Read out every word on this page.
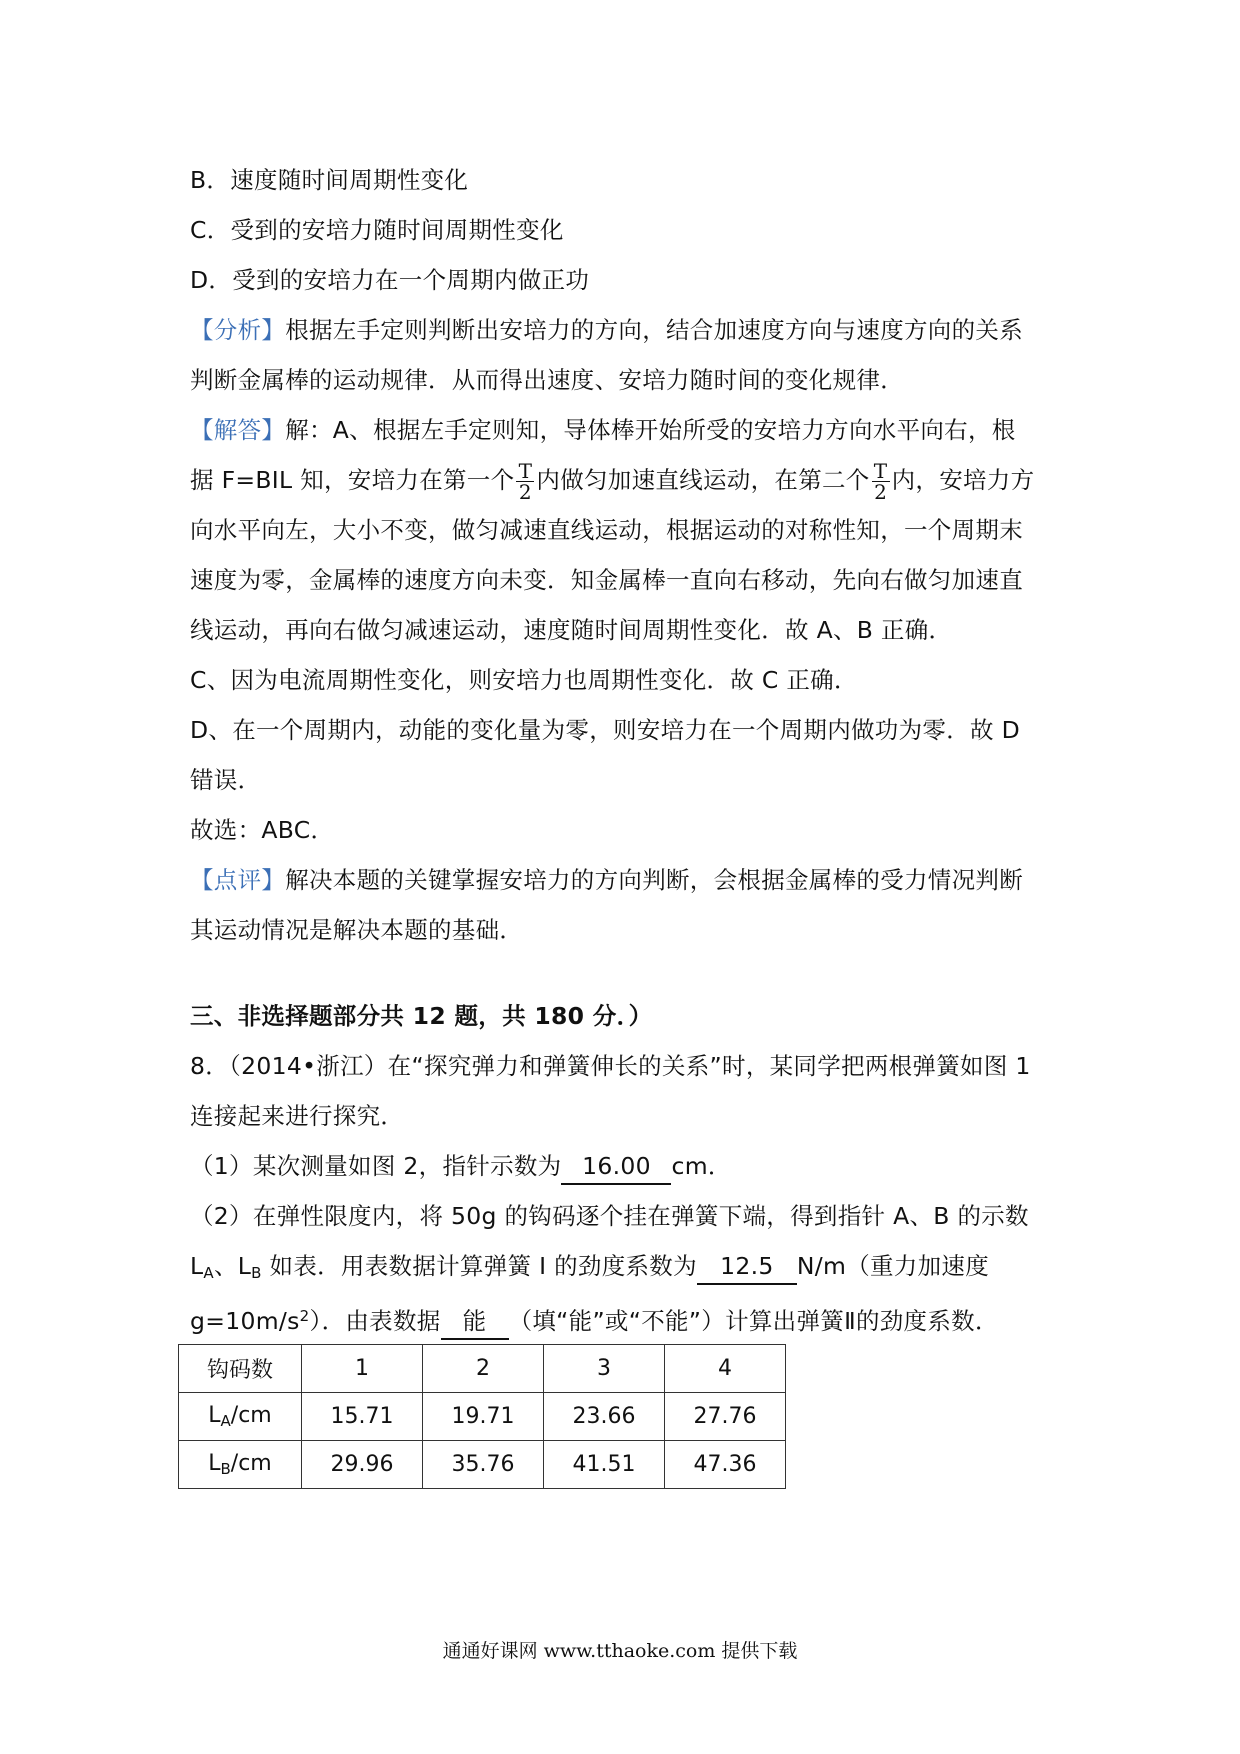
B．速度随时间周期性变化
C．受到的安培力随时间周期性变化
D．受到的安培力在一个周期内做正功
【分析】根据左手定则判断出安培力的方向，结合加速度方向与速度方向的关系
判断金属棒的运动规律．从而得出速度、安培力随时间的变化规律．
【解答】解：A、根据左手定则知，导体棒开始所受的安培力方向水平向右，根
据 F=BIL 知，安培力在第一个 $\frac{T}{2}$ 内做匀加速直线运动，在第二个 $\frac{T}{2}$ 内，安培力方
向水平向左，大小不变，做匀减速直线运动，根据运动的对称性知，一个周期末
速度为零，金属棒的速度方向未变．知金属棒一直向右移动，先向右做匀加速直
线运动，再向右做匀减速运动，速度随时间周期性变化．故 A、B 正确．
C、因为电流周期性变化，则安培力也周期性变化．故 C 正确．
D、在一个周期内，动能的变化量为零，则安培力在一个周期内做功为零．故 D
错误．
故选：ABC．
【点评】解决本题的关键掌握安培力的方向判断，会根据金属棒的受力情况判断
其运动情况是解决本题的基础．
三、非选择题部分共 12 题，共 180 分．）
8．（2014•浙江）在“探究弹力和弹簧伸长的关系”时，某同学把两根弹簧如图 1
连接起来进行探究．
（1）某次测量如图 2，指针示数为 16.00 cm．
（2）在弹性限度内，将 50g 的钩码逐个挂在弹簧下端，得到指针 A、B 的示数
$L_A$、$L_B$ 如表．用表数据计算弹簧 Ⅰ 的劲度系数为 12.5 N/m（重力加速度
$g=10m/s^2$）．由表数据 能 （填“能”或“不能”）计算出弹簧Ⅱ的劲度系数．
钩码数	1	2	3	4
$L_A/cm$	15.71	19.71	23.66	27.76
$L_B/cm$	29.96	35.76	41.51	47.36
通通好课网 www.tthaoke.com 提供下载
